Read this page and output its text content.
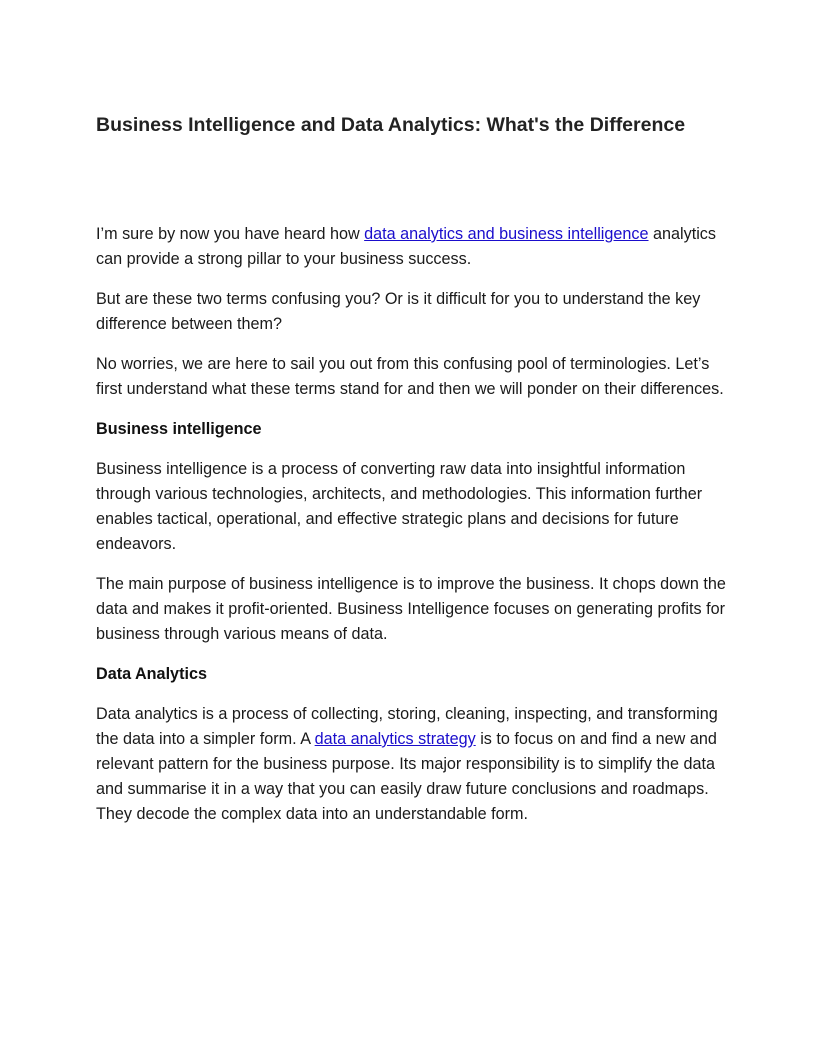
Business Intelligence and Data Analytics: What's the Difference

I’m sure by now you have heard how data analytics and business intelligence analytics can provide a strong pillar to your business success.

But are these two terms confusing you? Or is it difficult for you to understand the key difference between them?

No worries, we are here to sail you out from this confusing pool of terminologies. Let’s first understand what these terms stand for and then we will ponder on their differences.

Business intelligence

Business intelligence is a process of converting raw data into insightful information through various technologies, architects, and methodologies. This information further enables tactical, operational, and effective strategic plans and decisions for future endeavors.

The main purpose of business intelligence is to improve the business. It chops down the data and makes it profit-oriented. Business Intelligence focuses on generating profits for business through various means of data.

Data Analytics

Data analytics is a process of collecting, storing, cleaning, inspecting, and transforming the data into a simpler form. A data analytics strategy is to focus on and find a new and relevant pattern for the business purpose. Its major responsibility is to simplify the data and summarise it in a way that you can easily draw future conclusions and roadmaps. They decode the complex data into an understandable form.
